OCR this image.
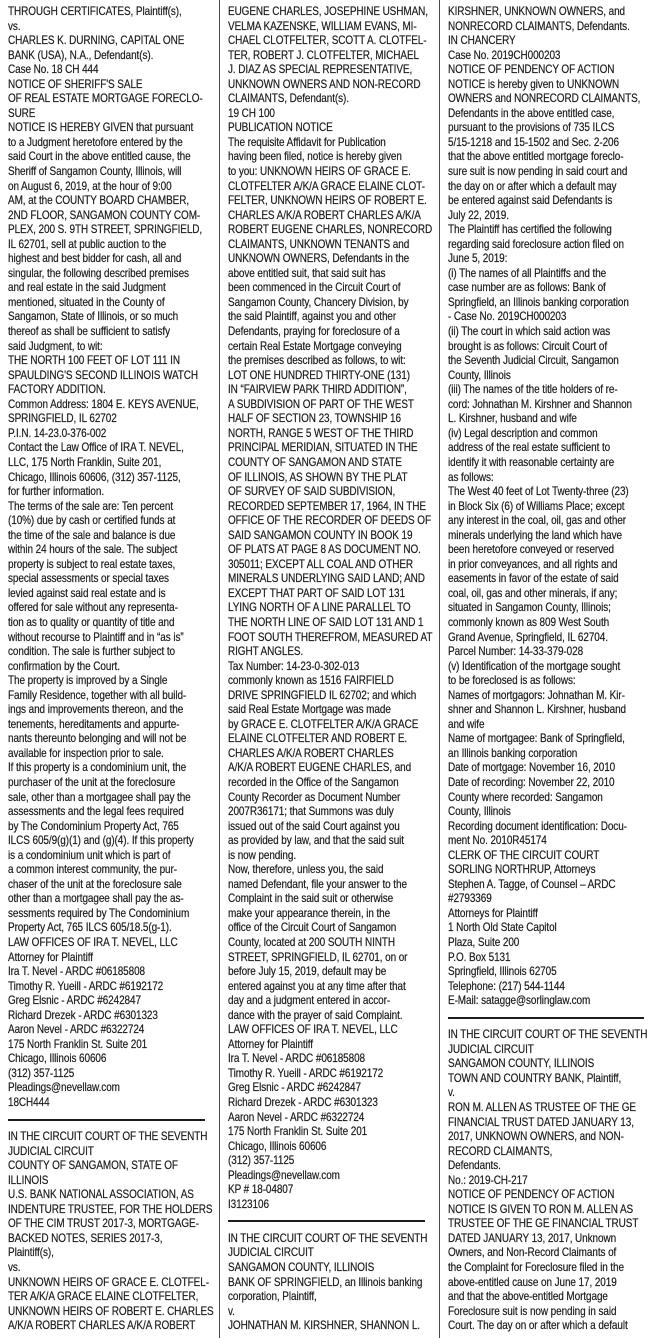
THROUGH CERTIFICATES, Plaintiff(s),
vs.
CHARLES K. DURNING, CAPITAL ONE
BANK (USA), N.A., Defendant(s).
Case No. 18 CH 444
NOTICE OF SHERIFF'S SALE
OF REAL ESTATE MORTGAGE FORECLO-
SURE
NOTICE IS HEREBY GIVEN that pursuant
to a Judgment heretofore entered by the
said Court in the above entitled cause, the
Sheriff of Sangamon County, Illinois, will
on August 6, 2019, at the hour of 9:00
AM, at the COUNTY BOARD CHAMBER,
2ND FLOOR, SANGAMON COUNTY COM-
PLEX, 200 S. 9TH STREET, SPRINGFIELD,
IL 62701, sell at public auction to the
highest and best bidder for cash, all and
singular, the following described premises
and real estate in the said Judgment
mentioned, situated in the County of
Sangamon, State of Illinois, or so much
thereof as shall be sufficient to satisfy
said Judgment, to wit:
THE NORTH 100 FEET OF LOT 111 IN
SPAULDING'S SECOND ILLINOIS WATCH
FACTORY ADDITION.
Common Address: 1804 E. KEYS AVENUE,
SPRINGFIELD, IL 62702
P.I.N. 14-23.0-376-002
Contact the Law Office of IRA T. NEVEL,
LLC, 175 North Franklin, Suite 201,
Chicago, Illinois 60606, (312) 357-1125,
for further information.
The terms of the sale are: Ten percent
(10%) due by cash or certified funds at
the time of the sale and balance is due
within 24 hours of the sale. The subject
property is subject to real estate taxes,
special assessments or special taxes
levied against said real estate and is
offered for sale without any representa-
tion as to quality or quantity of title and
without recourse to Plaintiff and in “as is”
condition. The sale is further subject to
confirmation by the Court.
The property is improved by a Single
Family Residence, together with all build-
ings and improvements thereon, and the
tenements, hereditaments and appurte-
nants thereunto belonging and will not be
available for inspection prior to sale.
If this property is a condominium unit, the
purchaser of the unit at the foreclosure
sale, other than a mortgagee shall pay the
assessments and the legal fees required
by The Condominium Property Act, 765
ILCS 605/9(g)(1) and (g)(4). If this property
is a condominium unit which is part of
a common interest community, the pur-
chaser of the unit at the foreclosure sale
other than a mortgagee shall pay the as-
sessments required by The Condominium
Property Act, 765 ILCS 605/18.5(g-1).
LAW OFFICES OF IRA T. NEVEL, LLC
Attorney for Plaintiff
Ira T. Nevel - ARDC #06185808
Timothy R. Yueill - ARDC #6192172
Greg Elsnic - ARDC #6242847
Richard Drezek - ARDC #6301323
Aaron Nevel - ARDC #6322724
175 North Franklin St. Suite 201
Chicago, Illinois 60606
(312) 357-1125
Pleadings@nevellaw.com
18CH444
IN THE CIRCUIT COURT OF THE SEVENTH
JUDICIAL CIRCUIT
COUNTY OF SANGAMON, STATE OF
ILLINOIS
U.S. BANK NATIONAL ASSOCIATION, AS
INDENTURE TRUSTEE, FOR THE HOLDERS
OF THE CIM TRUST 2017-3, MORTGAGE-
BACKED NOTES, SERIES 2017-3,
Plaintiff(s),
vs.
UNKNOWN HEIRS OF GRACE E. CLOTFEL-
TER A/K/A GRACE ELAINE CLOTFELTER,
UNKNOWN HEIRS OF ROBERT E. CHARLES
A/K/A ROBERT CHARLES A/K/A ROBERT
EUGENE CHARLES, JOSEPHINE USHMAN,
VELMA KAZENSKE, WILLIAM EVANS, MI-
CHAEL CLOTFELTER, SCOTT A. CLOTFEL-
TER, ROBERT J. CLOTFELTER, MICHAEL
J. DIAZ AS SPECIAL REPRESENTATIVE,
UNKNOWN OWNERS AND NON-RECORD
CLAIMANTS, Defendant(s).
19 CH 100
PUBLICATION NOTICE
The requisite Affidavit for Publication
having been filed, notice is hereby given
to you: UNKNOWN HEIRS OF GRACE E.
CLOTFELTER A/K/A GRACE ELAINE CLOT-
FELTER, UNKNOWN HEIRS OF ROBERT E.
CHARLES A/K/A ROBERT CHARLES A/K/A
ROBERT EUGENE CHARLES, NONRECORD
CLAIMANTS, UNKNOWN TENANTS and
UNKNOWN OWNERS, Defendants in the
above entitled suit, that said suit has
been commenced in the Circuit Court of
Sangamon County, Chancery Division, by
the said Plaintiff, against you and other
Defendants, praying for foreclosure of a
certain Real Estate Mortgage conveying
the premises described as follows, to wit:
LOT ONE HUNDRED THIRTY-ONE (131)
IN “FAIRVIEW PARK THIRD ADDITION”,
A SUBDIVISION OF PART OF THE WEST
HALF OF SECTION 23, TOWNSHIP 16
NORTH, RANGE 5 WEST OF THE THIRD
PRINCIPAL MERIDIAN, SITUATED IN THE
COUNTY OF SANGAMON AND STATE
OF ILLINOIS, AS SHOWN BY THE PLAT
OF SURVEY OF SAID SUBDIVISION,
RECORDED SEPTEMBER 17, 1964, IN THE
OFFICE OF THE RECORDER OF DEEDS OF
SAID SANGAMON COUNTY IN BOOK 19
OF PLATS AT PAGE 8 AS DOCUMENT NO.
305011; EXCEPT ALL COAL AND OTHER
MINERALS UNDERLYING SAID LAND; AND
EXCEPT THAT PART OF SAID LOT 131
LYING NORTH OF A LINE PARALLEL TO
THE NORTH LINE OF SAID LOT 131 AND 1
FOOT SOUTH THEREFROM, MEASURED AT
RIGHT ANGLES.
Tax Number: 14-23-0-302-013
commonly known as 1516 FAIRFIELD
DRIVE SPRINGFIELD IL 62702; and which
said Real Estate Mortgage was made
by GRACE E. CLOTFELTER A/K/A GRACE
ELAINE CLOTFELTER AND ROBERT E.
CHARLES A/K/A ROBERT CHARLES
A/K/A ROBERT EUGENE CHARLES, and
recorded in the Office of the Sangamon
County Recorder as Document Number
2007R36171; that Summons was duly
issued out of the said Court against you
as provided by law, and that the said suit
is now pending.
Now, therefore, unless you, the said
named Defendant, file your answer to the
Complaint in the said suit or otherwise
make your appearance therein, in the
office of the Circuit Court of Sangamon
County, located at 200 SOUTH NINTH
STREET, SPRINGFIELD, IL 62701, on or
before July 15, 2019, default may be
entered against you at any time after that
day and a judgment entered in accor-
dance with the prayer of said Complaint.
LAW OFFICES OF IRA T. NEVEL, LLC
Attorney for Plaintiff
Ira T. Nevel - ARDC #06185808
Timothy R. Yueill - ARDC #6192172
Greg Elsnic - ARDC #6242847
Richard Drezek - ARDC #6301323
Aaron Nevel - ARDC #6322724
175 North Franklin St. Suite 201
Chicago, Illinois 60606
(312) 357-1125
Pleadings@nevellaw.com
KP # 18-04807
I3123106
IN THE CIRCUIT COURT OF THE SEVENTH
JUDICIAL CIRCUIT
SANGAMON COUNTY, ILLINOIS
BANK OF SPRINGFIELD, an Illinois banking
corporation, Plaintiff,
v.
JOHNATHAN M. KIRSHNER, SHANNON L.
KIRSHNER, UNKNOWN OWNERS, and
NONRECORD CLAIMANTS, Defendants.
IN CHANCERY
Case No. 2019CH000203
NOTICE OF PENDENCY OF ACTION
NOTICE is hereby given to UNKNOWN
OWNERS and NONRECORD CLAIMANTS,
Defendants in the above entitled case,
pursuant to the provisions of 735 ILCS
5/15-1218 and 15-1502 and Sec. 2-206
that the above entitled mortgage foreclo-
sure suit is now pending in said court and
the day on or after which a default may
be entered against said Defendants is
July 22, 2019.
The Plaintiff has certified the following
regarding said foreclosure action filed on
June 5, 2019:
(i) The names of all Plaintiffs and the
case number are as follows: Bank of
Springfield, an Illinois banking corporation
- Case No. 2019CH000203
(ii) The court in which said action was
brought is as follows: Circuit Court of
the Seventh Judicial Circuit, Sangamon
County, Illinois
(iii) The names of the title holders of re-
cord: Johnathan M. Kirshner and Shannon
L. Kirshner, husband and wife
(iv) Legal description and common
address of the real estate sufficient to
identify it with reasonable certainty are
as follows:
The West 40 feet of Lot Twenty-three (23)
in Block Six (6) of Williams Place; except
any interest in the coal, oil, gas and other
minerals underlying the land which have
been heretofore conveyed or reserved
in prior conveyances, and all rights and
easements in favor of the estate of said
coal, oil, gas and other minerals, if any;
situated in Sangamon County, Illinois;
commonly known as 809 West South
Grand Avenue, Springfield, IL 62704.
Parcel Number: 14-33-379-028
(v) Identification of the mortgage sought
to be foreclosed is as follows:
Names of mortgagors: Johnathan M. Kir-
shner and Shannon L. Kirshner, husband
and wife
Name of mortgagee: Bank of Springfield,
an Illinois banking corporation
Date of mortgage: November 16, 2010
Date of recording: November 22, 2010
County where recorded: Sangamon
County, Illinois
Recording document identification: Docu-
ment No. 2010R45174
CLERK OF THE CIRCUIT COURT
SORLING NORTHRUP, Attorneys
Stephen A. Tagge, of Counsel – ARDC
#2793369
Attorneys for Plaintiff
1 North Old State Capitol
Plaza, Suite 200
P.O. Box 5131
Springfield, Illinois 62705
Telephone: (217) 544-1144
E-Mail: satagge@sorlinglaw.com
IN THE CIRCUIT COURT OF THE SEVENTH
JUDICIAL CIRCUIT
SANGAMON COUNTY, ILLINOIS
TOWN AND COUNTRY BANK, Plaintiff,
v.
RON M. ALLEN AS TRUSTEE OF THE GE
FINANCIAL TRUST DATED JANUARY 13,
2017, UNKNOWN OWNERS, and NON-
RECORD CLAIMANTS,
Defendants.
No.: 2019-CH-217
NOTICE OF PENDENCY OF ACTION
NOTICE IS GIVEN TO RON M. ALLEN AS
TRUSTEE OF THE GE FINANCIAL TRUST
DATED JANUARY 13, 2017, Unknown
Owners, and Non-Record Claimants of
the Complaint for Foreclosure filed in the
above-entitled cause on June 17, 2019
and that the above-entitled Mortgage
Foreclosure suit is now pending in said
Court. The day on or after which a default
